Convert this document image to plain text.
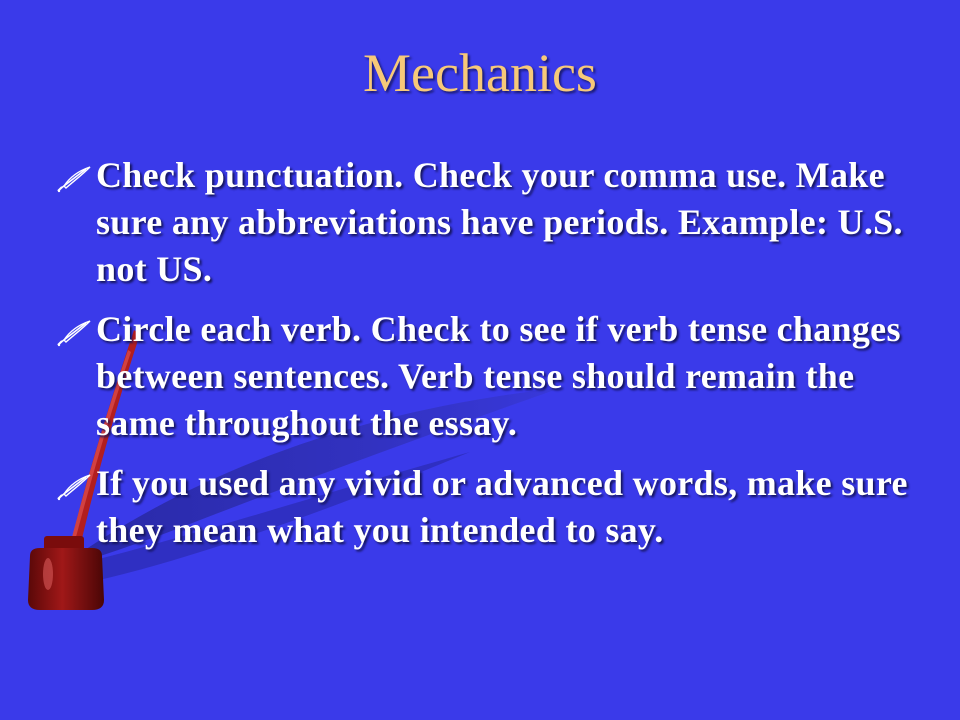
Mechanics
Check punctuation. Check your comma use. Make sure any abbreviations have periods. Example: U.S. not US.
Circle each verb. Check to see if verb tense changes between sentences. Verb tense should remain the same throughout the essay.
If you used any vivid or advanced words, make sure they mean what you intended to say.
